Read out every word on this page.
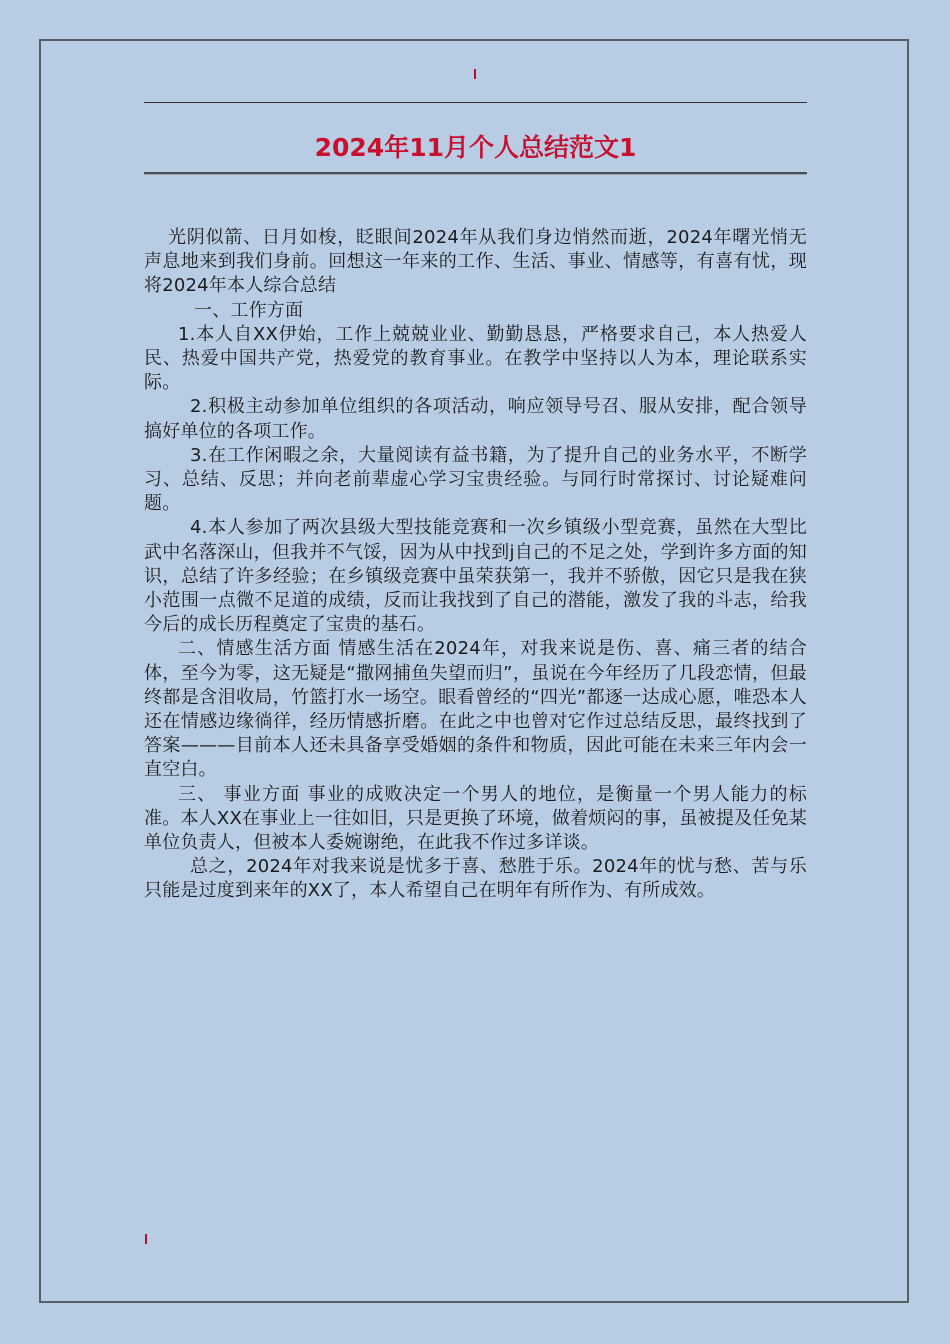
2024年11月个人总结范文1

光阴似箭、日月如梭，眨眼间2024年从我们身边悄然而逝，2024年曙光悄无声息地来到我们身前。回想这一年来的工作、生活、事业、情感等，有喜有忧，现将2024年本人综合总结

一、工作方面

1.本人自XX伊始，工作上兢兢业业、勤勤恳恳，严格要求自己，本人热爱人民、热爱中国共产党，热爱党的教育事业。在教学中坚持以人为本，理论联系实际。

2.积极主动参加单位组织的各项活动，响应领导号召、服从安排，配合领导搞好单位的各项工作。

3.在工作闲暇之余，大量阅读有益书籍，为了提升自己的业务水平，不断学习、总结、反思；并向老前辈虚心学习宝贵经验。与同行时常探讨、讨论疑难问题。

4.本人参加了两次县级大型技能竞赛和一次乡镇级小型竞赛，虽然在大型比武中名落深山，但我并不气馁，因为从中找到j自己的不足之处，学到许多方面的知识，总结了许多经验；在乡镇级竞赛中虽荣获第一，我并不骄傲，因它只是我在狭小范围一点微不足道的成绩，反而让我找到了自己的潜能，激发了我的斗志，给我今后的成长历程奠定了宝贵的基石。

二、情感生活方面 情感生活在2024年，对我来说是伤、喜、痛三者的结合体，至今为零，这无疑是“撒网捕鱼失望而归”，虽说在今年经历了几段恋情，但最终都是含泪收局，竹篮打水一场空。眼看曾经的“四光”都逐一达成心愿，唯恐本人还在情感边缘徜徉，经历情感折磨。在此之中也曾对它作过总结反思，最终找到了答案———目前本人还未具备享受婚姻的条件和物质，因此可能在未来三年内会一直空白。

三、 事业方面 事业的成败决定一个男人的地位，是衡量一个男人能力的标准。本人XX在事业上一往如旧，只是更换了环境，做着烦闷的事，虽被提及任免某单位负责人，但被本人委婉谢绝，在此我不作过多详谈。

总之，2024年对我来说是忧多于喜、愁胜于乐。2024年的忧与愁、苦与乐只能是过度到来年的XX了，本人希望自己在明年有所作为、有所成效。
